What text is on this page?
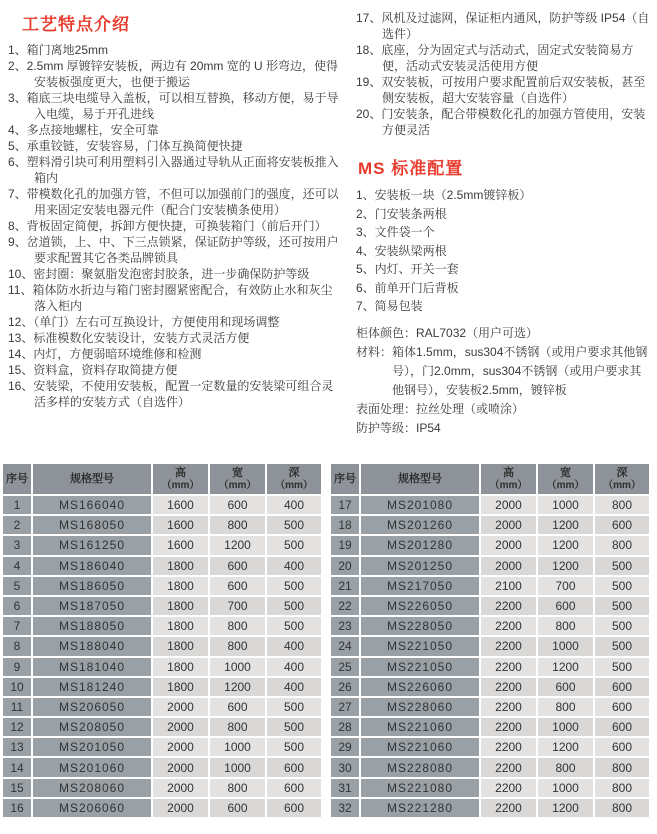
工艺特点介绍
1、箱门离地25mm
2、2.5mm 厚镀锌安装板，两边有 20mm 宽的 U 形弯边，使得安装板强度更大，也便于搬运
3、箱底三块电缆导入盖板，可以相互替换，移动方便，易于导入电缆，易于开孔进线
4、多点接地螺柱，安全可靠
5、承重铰链，安装容易，门体互换简便快捷
6、塑料滑引块可利用塑料引入器通过导轨从正面将安装板推入箱内
7、带模数化孔的加强方管，不但可以加强前门的强度，还可以用来固定安装电器元件（配合门安装横条使用）
8、背板固定简便，拆卸方便快捷，可换装箱门（前后开门）
9、岔道锁，上、中、下三点锁紧，保证防护等级，还可按用户要求配置其它各类品牌锁具
10、密封圈：聚氨脂发泡密封胶条，进一步确保防护等级
11、箱体防水折边与箱门密封圈紧密配合，有效防止水和灰尘落入柜内
12、（单门）左右可互换设计，方便使用和现场调整
13、标准模数化安装设计，安装方式灵活方便
14、内灯，方便弱暗环境维修和检测
15、资料盒，资料存取简捷方便
16、安装梁，不使用安装板，配置一定数量的安装梁可组合灵活多样的安装方式（自选件）
17、风机及过滤网，保证柜内通风，防护等级 IP54（自选件）
18、底座，分为固定式与活动式，固定式安装简易方便，活动式安装灵活使用方便
19、双安装板，可按用户要求配置前后双安装板，甚至侧安装板，超大安装容量（自选件）
20、门安装条，配合带模数化孔的加强方管使用，安装方便灵活
MS 标准配置
1、安装板一块（2.5mm镀锌板）
2、门安装条两根
3、文件袋一个
4、安装纵梁两根
5、内灯、开关一套
6、前单开门后背板
7、简易包装
柜体颜色： RAL7032（用户可选）
材料： 箱体1.5mm，sus304不锈钢（或用户要求其他钢号），门2.0mm，sus304不锈钢（或用户要求其他钢号），安装板2.5mm，镀锌板
表面处理： 拉丝处理（或喷涂）
防护等级： IP54
序号	规格型号

高
（mm）

宽
（mm）

深
（mm）

1	MS166040	1600	600	400
2	MS168050	1600	800	500
3	MS161250	1600	1200	500
4	MS186040	1800	600	400
5	MS186050	1800	600	500
6	MS187050	1800	700	500
7	MS188050	1800	800	500
8	MS188040	1800	800	400
9	MS181040	1800	1000	400
10	MS181240	1800	1200	400
11	MS206050	2000	600	500
12	MS208050	2000	800	500
13	MS201050	2000	1000	500
14	MS201060	2000	1000	600
15	MS208060	2000	800	600
16	MS206060	2000	600	600
序号	规格型号

高
（mm）

宽
（mm）

深
（mm）

17	MS201080	2000	1000	800
18	MS201260	2000	1200	600
19	MS201280	2000	1200	800
20	MS201250	2000	1200	500
21	MS217050	2100	700	500
22	MS226050	2200	600	500
23	MS228050	2200	800	500
24	MS221050	2200	1000	500
25	MS221050	2200	1200	500
26	MS226060	2200	600	600
27	MS228060	2200	800	600
28	MS221060	2200	1000	600
29	MS221060	2200	1200	600
30	MS228080	2200	800	800
31	MS221080	2200	1000	800
32	MS221280	2200	1200	800
